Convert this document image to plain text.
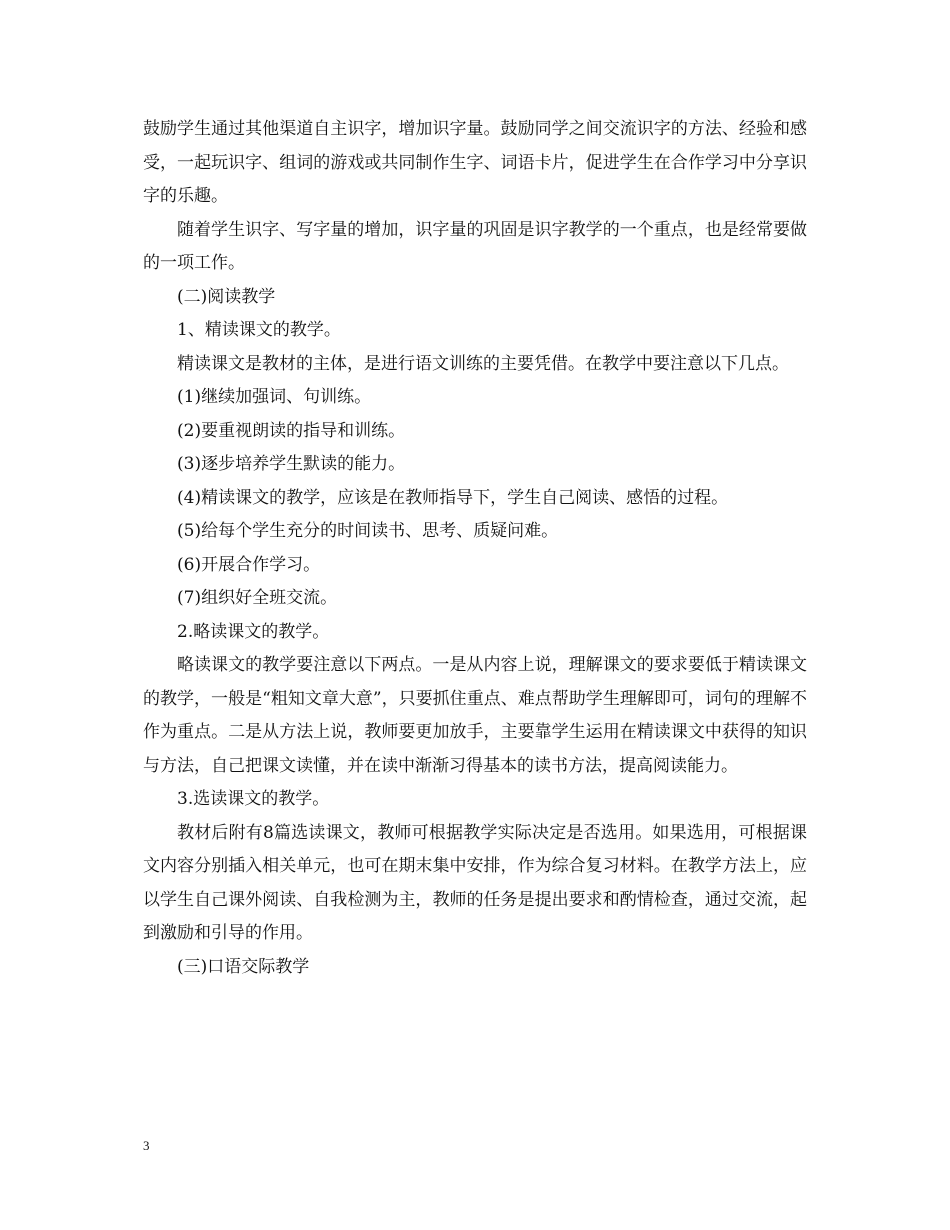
鼓励学生通过其他渠道自主识字，增加识字量。鼓励同学之间交流识字的方法、经验和感受，一起玩识字、组词的游戏或共同制作生字、词语卡片，促进学生在合作学习中分享识字的乐趣。

随着学生识字、写字量的增加，识字量的巩固是识字教学的一个重点，也是经常要做的一项工作。

(二)阅读教学

1、精读课文的教学。

精读课文是教材的主体，是进行语文训练的主要凭借。在教学中要注意以下几点。

(1)继续加强词、句训练。

(2)要重视朗读的指导和训练。

(3)逐步培养学生默读的能力。

(4)精读课文的教学，应该是在教师指导下，学生自己阅读、感悟的过程。

(5)给每个学生充分的时间读书、思考、质疑问难。

(6)开展合作学习。

(7)组织好全班交流。

2.略读课文的教学。

略读课文的教学要注意以下两点。一是从内容上说，理解课文的要求要低于精读课文的教学，一般是“粗知文章大意”，只要抓住重点、难点帮助学生理解即可，词句的理解不作为重点。二是从方法上说，教师要更加放手，主要靠学生运用在精读课文中获得的知识与方法，自己把课文读懂，并在读中渐渐习得基本的读书方法，提高阅读能力。

3.选读课文的教学。

教材后附有8篇选读课文，教师可根据教学实际决定是否选用。如果选用，可根据课文内容分别插入相关单元，也可在期末集中安排，作为综合复习材料。在教学方法上，应以学生自己课外阅读、自我检测为主，教师的任务是提出要求和酌情检查，通过交流，起到激励和引导的作用。

(三)口语交际教学

3
